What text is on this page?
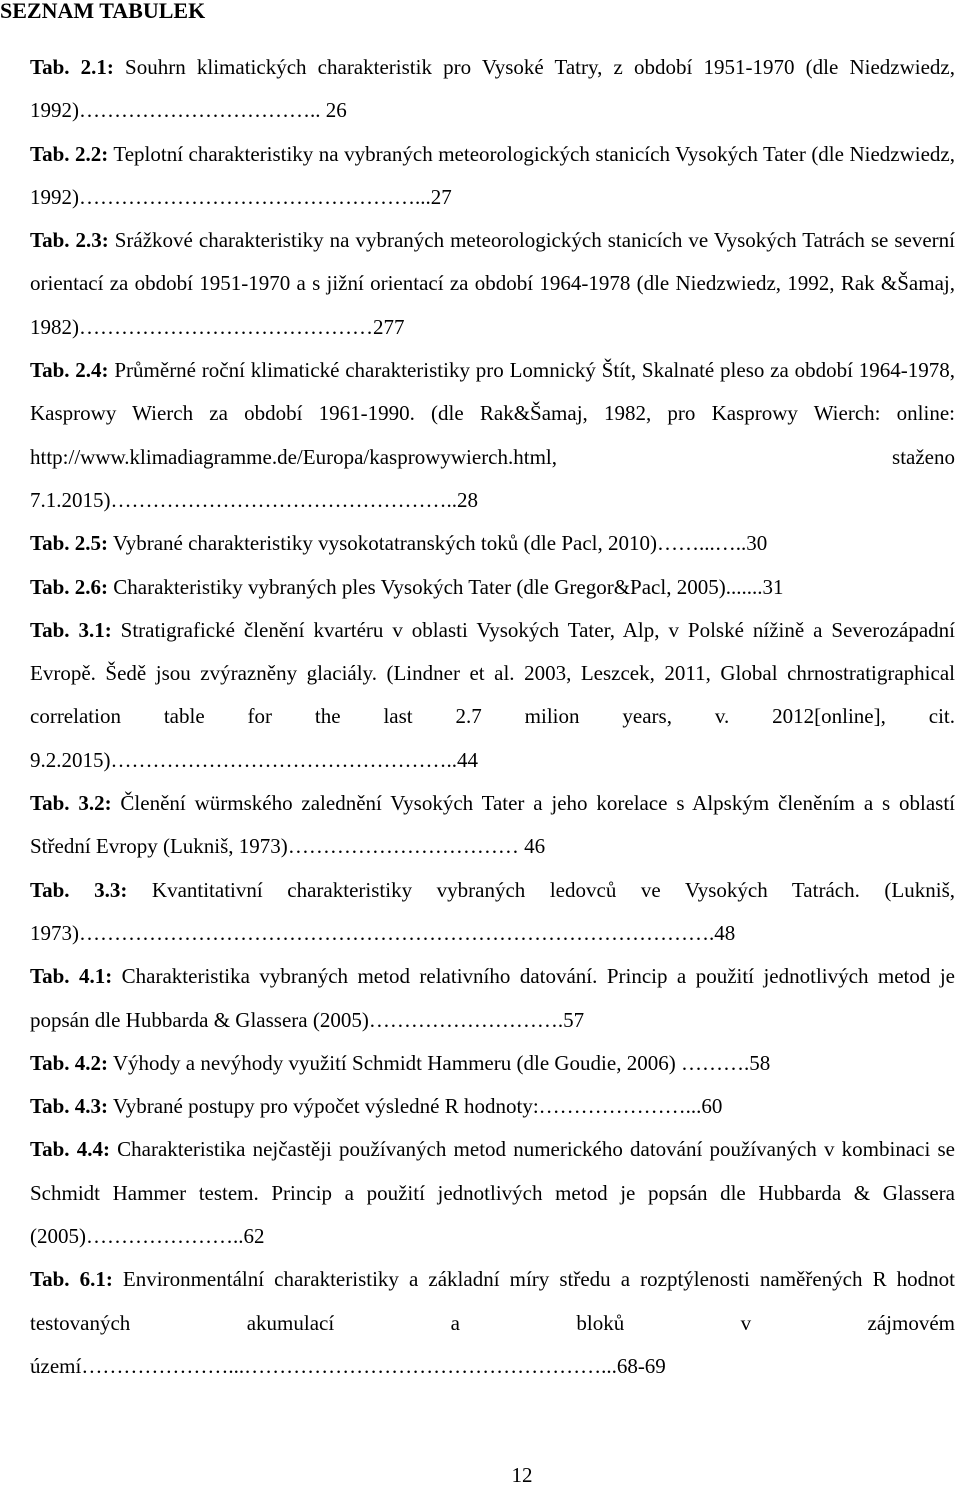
SEZNAM TABULEK
Tab. 2.1: Souhrn klimatických charakteristik pro Vysoké Tatry, z období 1951-1970 (dle Niedzwiedz, 1992)…………………………….. 26
Tab. 2.2: Teplotní charakteristiky na vybraných meteorologických stanicích Vysokých Tater (dle Niedzwiedz, 1992)…………………………………………...27
Tab. 2.3: Srážkové charakteristiky na vybraných meteorologických stanicích ve Vysokých Tatrách se severní orientací za období 1951-1970 a s jižní orientací za období 1964-1978 (dle Niedzwiedz, 1992, Rak &Šamaj, 1982)……………………………………277
Tab. 2.4: Průměrné roční klimatické charakteristiky pro Lomnický Štít, Skalnaté pleso za období 1964-1978, Kasprowy Wierch za období 1961-1990. (dle Rak&Šamaj, 1982, pro Kasprowy Wierch: online: http://www.klimadiagramme.de/Europa/kasprowywierch.html, staženo 7.1.2015)…………………………………………..28
Tab. 2.5: Vybrané charakteristiky vysokotatranských toků (dle Pacl, 2010)……...…..30
Tab. 2.6: Charakteristiky vybraných ples Vysokých Tater (dle Gregor&Pacl, 2005).......31
Tab. 3.1: Stratigrafické členění kvartéru v oblasti Vysokých Tater, Alp, v Polské nížině a Severozápadní Evropě. Šedě jsou zvýrazněny glaciály. (Lindner et al. 2003, Leszcek, 2011, Global chrnostratigraphical correlation table for the last 2.7 milion years, v. 2012[online], cit. 9.2.2015)…………………………………………..44
Tab. 3.2: Členění würmského zalednění Vysokých Tater a jeho korelace s Alpským členěním a s oblastí Střední Evropy (Lukniš, 1973)…………………………… 46
Tab. 3.3: Kvantitativní charakteristiky vybraných ledovců ve Vysokých Tatrách. (Lukniš, 1973)……………………………………………………………………………….48
Tab. 4.1: Charakteristika vybraných metod relativního datování. Princip a použití jednotlivých metod je popsán dle Hubbarda & Glassera (2005)……………………….57
Tab. 4.2: Výhody a nevýhody využití Schmidt Hammeru (dle Goudie, 2006) ……….58
Tab. 4.3: Vybrané postupy pro výpočet výsledné R hodnoty:…………………...60
Tab. 4.4: Charakteristika nejčastěji používaných metod numerického datování používaných v kombinaci se Schmidt Hammer testem. Princip a použití jednotlivých metod je popsán dle Hubbarda & Glassera (2005)…………………..62
Tab. 6.1: Environmentální charakteristiky a základní míry středu a rozptýlenosti naměřených R hodnot testovaných akumulací a bloků v zájmovém území…………………...……………………………………………...68-69
12
